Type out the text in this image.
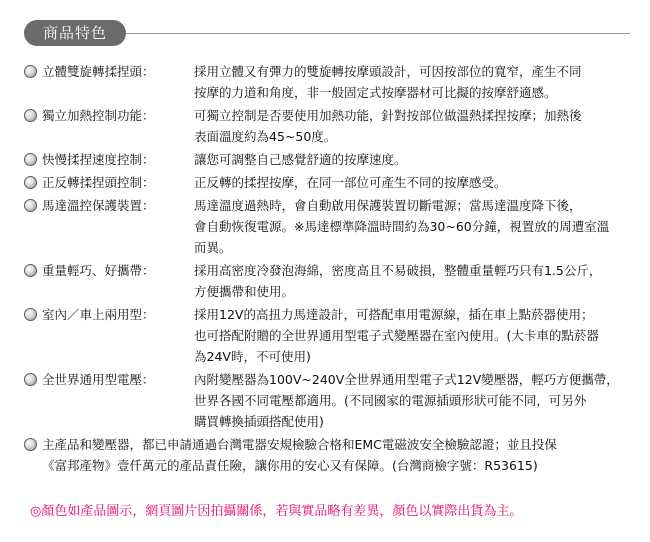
商品特色
立體雙旋轉揉捏頭：	採用立體又有彈力的雙旋轉按摩頭設計，可因按部位的寬窄，產生不同
按摩的力道和角度，非一般固定式按摩器材可比擬的按摩舒適感。
獨立加熱控制功能：	可獨立控制是否要使用加熱功能，針對按部位做溫熱揉捏按摩；加熱後
表面溫度約為45~50度。
快慢揉捏速度控制：	讓您可調整自己感覺舒適的按摩速度。
正反轉揉捏頭控制：	正反轉的揉捏按摩，在同一部位可產生不同的按摩感受。
馬達溫控保護裝置：	馬達溫度過熱時，會自動啟用保護裝置切斷電源；當馬達溫度降下後，
會自動恢復電源。※馬達標準降溫時間約為30~60分鐘，視置放的周遭室溫
而異。
重量輕巧、好攜帶：	採用高密度冷發泡海綿，密度高且不易破損，整體重量輕巧只有1.5公斤，
方便攜帶和使用。
室內／車上兩用型：	採用12V的高扭力馬達設計，可搭配車用電源線，插在車上點菸器使用；
也可搭配附贈的全世界通用型電子式變壓器在室內使用。(大卡車的點菸器
為24V時，不可使用)
全世界通用型電壓：	內附變壓器為100V~240V全世界通用型電子式12V變壓器，輕巧方便攜帶，
世界各國不同電壓都適用。(不同國家的電源插頭形狀可能不同，可另外
購買轉換插頭搭配使用)
主產品和變壓器，都已申請通過台灣電器安規檢驗合格和EMC電磁波安全檢驗認證；並且投保
《富邦產物》壹仟萬元的產品責任險，讓你用的安心又有保障。(台灣商檢字號：R53615)
◎顏色如產品圖示，網頁圖片因拍攝關係，若與實品略有差異，顏色以實際出貨為主。
